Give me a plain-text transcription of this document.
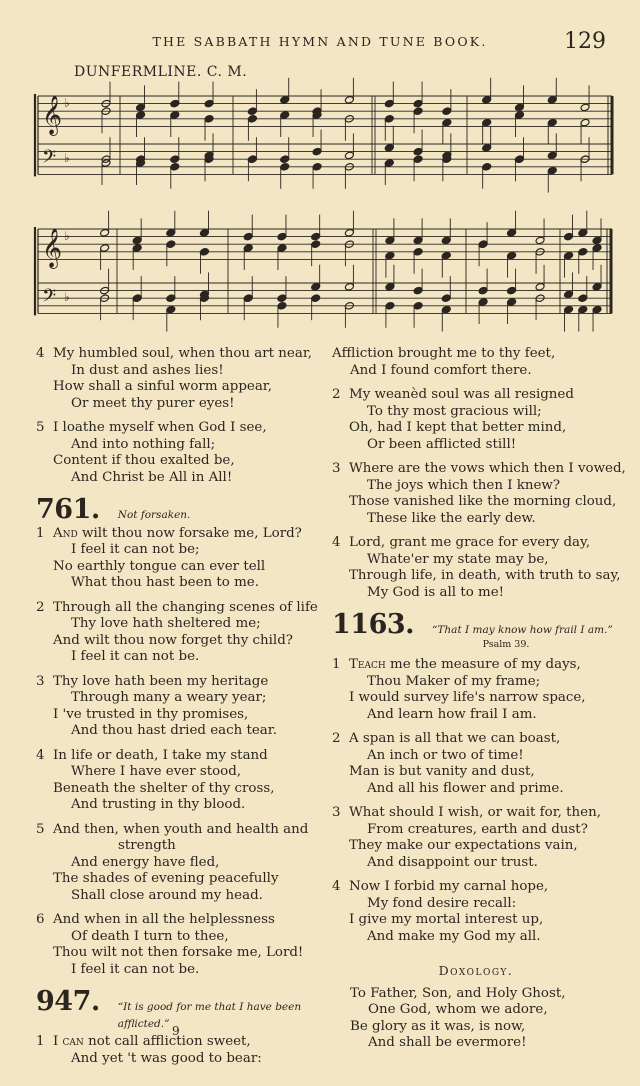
THE SABBATH HYMN AND TUNE BOOK.	129
DUNFERMLINE. C. M.
𝄞 ♭
𝄢 ♭
𝄞 ♭
𝄢 ♭
4 My humbled soul, when thou art near,
In dust and ashes lies!
How shall a sinful worm appear,
Or meet thy purer eyes!
5 I loathe myself when God I see,
And into nothing fall;
Content if thou exalted be,
And Christ be All in All!
761. Not forsaken.
1 And wilt thou now forsake me, Lord?
I feel it can not be;
No earthly tongue can ever tell
What thou hast been to me.
2 Through all the changing scenes of life
Thy love hath sheltered me;
And wilt thou now forget thy child?
I feel it can not be.
3 Thy love hath been my heritage
Through many a weary year;
I 've trusted in thy promises,
And thou hast dried each tear.
4 In life or death, I take my stand
Where I have ever stood,
Beneath the shelter of thy cross,
And trusting in thy blood.
5 And then, when youth and health and
strength
And energy have fled,
The shades of evening peacefully
Shall close around my head.
6 And when in all the helplessness
Of death I turn to thee,
Thou wilt not then forsake me, Lord!
I feel it can not be.
947. “It is good for me that I have been afflicted.”
1 I can not call affliction sweet,
And yet 't was good to bear:
Affliction brought me to thy feet,
And I found comfort there.
2 My weanèd soul was all resigned
To thy most gracious will;
Oh, had I kept that better mind,
Or been afflicted still!
3 Where are the vows which then I vowed,
The joys which then I knew?
Those vanished like the morning cloud,
These like the early dew.
4 Lord, grant me grace for every day,
Whate'er my state may be,
Through life, in death, with truth to say,
My God is all to me!
1163. “That I may know how frail I am.”
Psalm 39.
1 Teach me the measure of my days,
Thou Maker of my frame;
I would survey life's narrow space,
And learn how frail I am.
2 A span is all that we can boast,
An inch or two of time!
Man is but vanity and dust,
And all his flower and prime.
3 What should I wish, or wait for, then,
From creatures, earth and dust?
They make our expectations vain,
And disappoint our trust.
4 Now I forbid my carnal hope,
My fond desire recall:
I give my mortal interest up,
And make my God my all.
Doxology.
To Father, Son, and Holy Ghost,
One God, whom we adore,
Be glory as it was, is now,
And shall be evermore!
9
